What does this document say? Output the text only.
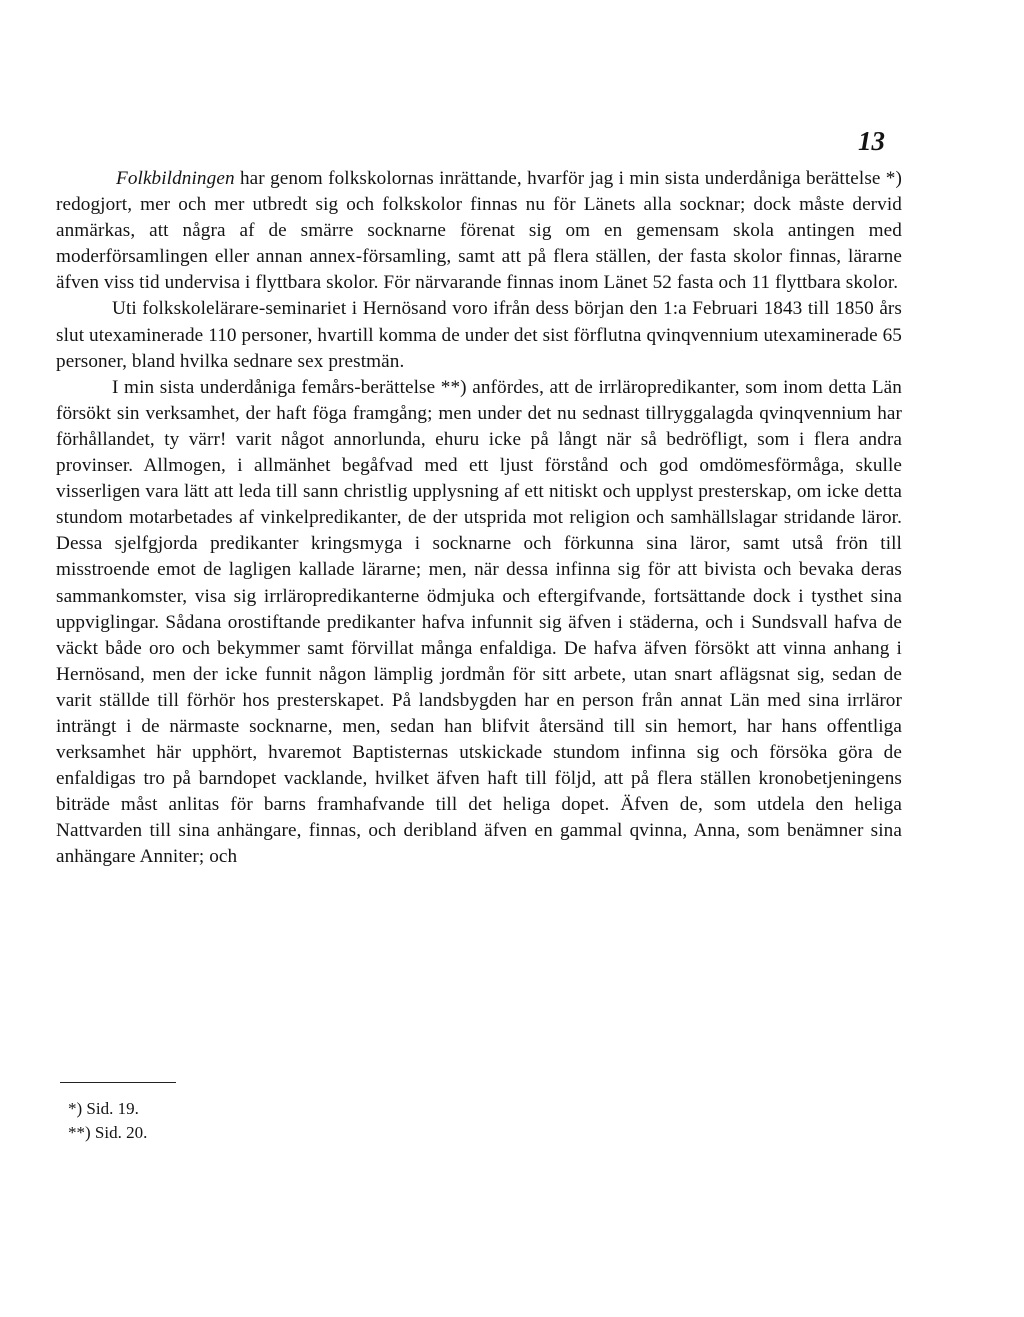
13

Folkbildningen har genom folkskolornas inrättande, hvarför jag i min sista underdåniga berättelse *) redogjort, mer och mer utbredt sig och folkskolor finnas nu för Länets alla socknar; dock måste dervid anmärkas, att några af de smärre socknarne förenat sig om en gemensam skola antingen med moderförsamlingen eller annan annex-församling, samt att på flera ställen, der fasta skolor finnas, lärarne äfven viss tid undervisa i flyttbara skolor. För närvarande finnas inom Länet 52 fasta och 11 flyttbara skolor.

Uti folkskolelärare-seminariet i Hernösand voro ifrån dess början den 1:a Februari 1843 till 1850 års slut utexaminerade 110 personer, hvartill komma de under det sist förflutna qvinqvennium utexaminerade 65 personer, bland hvilka sednare sex prestmän.

I min sista underdåniga femårs-berättelse **) anfördes, att de irrläropredikanter, som inom detta Län försökt sin verksamhet, der haft föga framgång; men under det nu sednast tillryggalagda qvinqvennium har förhållandet, ty värr! varit något annorlunda, ehuru icke på långt när så bedröfligt, som i flera andra provinser. Allmogen, i allmänhet begåfvad med ett ljust förstånd och god omdömesförmåga, skulle visserligen vara lätt att leda till sann christlig upplysning af ett nitiskt och upplyst presterskap, om icke detta stundom motarbetades af vinkelpredikanter, de der utsprida mot religion och samhällslagar stridande läror. Dessa sjelfgjorda predikanter kringsmyga i socknarne och förkunna sina läror, samt utså frön till misstroende emot de lagligen kallade lärarne; men, när dessa infinna sig för att bivista och bevaka deras sammankomster, visa sig irrläropredikanterne ödmjuka och eftergifvande, fortsättande dock i tysthet sina uppviglingar. Sådana orostiftande predikanter hafva infunnit sig äfven i städerna, och i Sundsvall hafva de väckt både oro och bekymmer samt förvillat många enfaldiga. De hafva äfven försökt att vinna anhang i Hernösand, men der icke funnit någon lämplig jordmån för sitt arbete, utan snart aflägsnat sig, sedan de varit ställde till förhör hos presterskapet. På landsbygden har en person från annat Län med sina irrläror inträngt i de närmaste socknarne, men, sedan han blifvit återsänd till sin hemort, har hans offentliga verksamhet här upphört, hvaremot Baptisternas utskickade stundom infinna sig och försöka göra de enfaldigas tro på barndopet vacklande, hvilket äfven haft till följd, att på flera ställen kronobetjeningens biträde måst anlitas för barns framhafvande till det heliga dopet. Äfven de, som utdela den heliga Nattvarden till sina anhängare, finnas, och deribland äfven en gammal qvinna, Anna, som benämner sina anhängare Anniter; och

*) Sid. 19.
**) Sid. 20.
